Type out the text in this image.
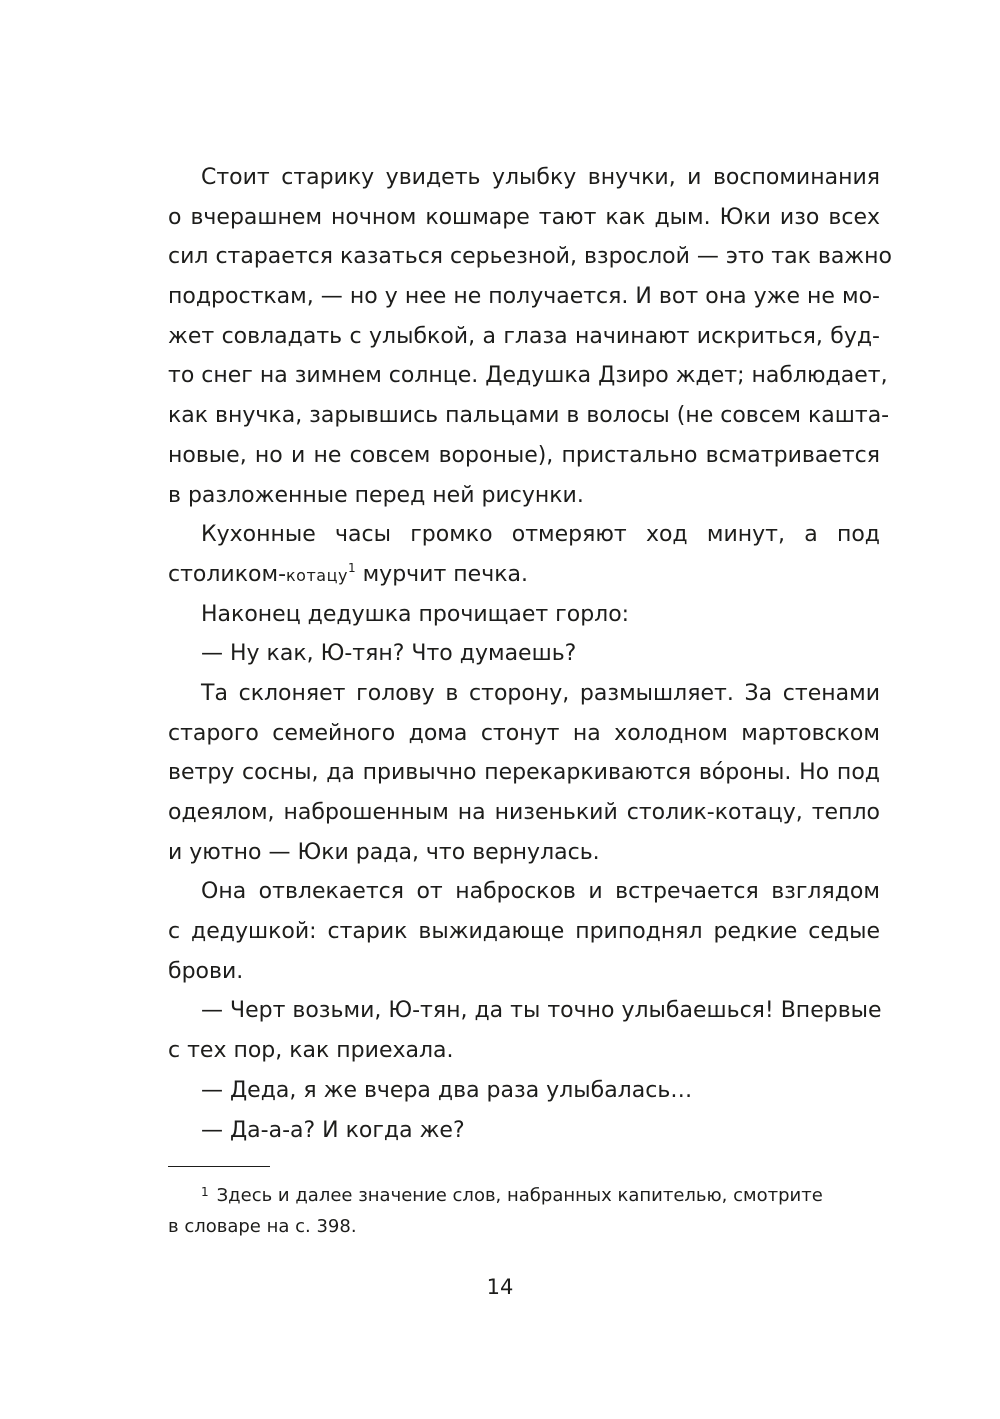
Стоит старику увидеть улыбку внучки, и воспоминания
о вчерашнем ночном кошмаре тают как дым. Юки изо всех
сил старается казаться серьезной, взрослой — это так важно
подросткам, — но у нее не получается. И вот она уже не мо-
жет совладать с улыбкой, а глаза начинают искриться, буд-
то снег на зимнем солнце. Дедушка Дзиро ждет; наблюдает,
как внучка, зарывшись пальцами в волосы (не совсем кашта-
новые, но и не совсем вороные), пристально всматривается
в разложенные перед ней рисунки.
Кухонные часы громко отмеряют ход минут, а под
столиком-котацу$^1$ мурчит печка.
Наконец дедушка прочищает горло:
— Ну как, Ю-тян? Что думаешь?
Та склоняет голову в сторону, размышляет. За стенами
старого семейного дома стонут на холодном мартовском
ветру сосны, да привычно перекаркиваются во́роны. Но под
одеялом, наброшенным на низенький столик-котацу, тепло
и уютно — Юки рада, что вернулась.
Она отвлекается от набросков и встречается взглядом
с дедушкой: старик выжидающе приподнял редкие седые
брови.
— Черт возьми, Ю-тян, да ты точно улыбаешься! Впервые
с тех пор, как приехала.
— Деда, я же вчера два раза улыбалась…
— Да-а-а? И когда же?
$^1$ Здесь и далее значение слов, набранных капителью, смотрите
в словаре на с. 398.
14
